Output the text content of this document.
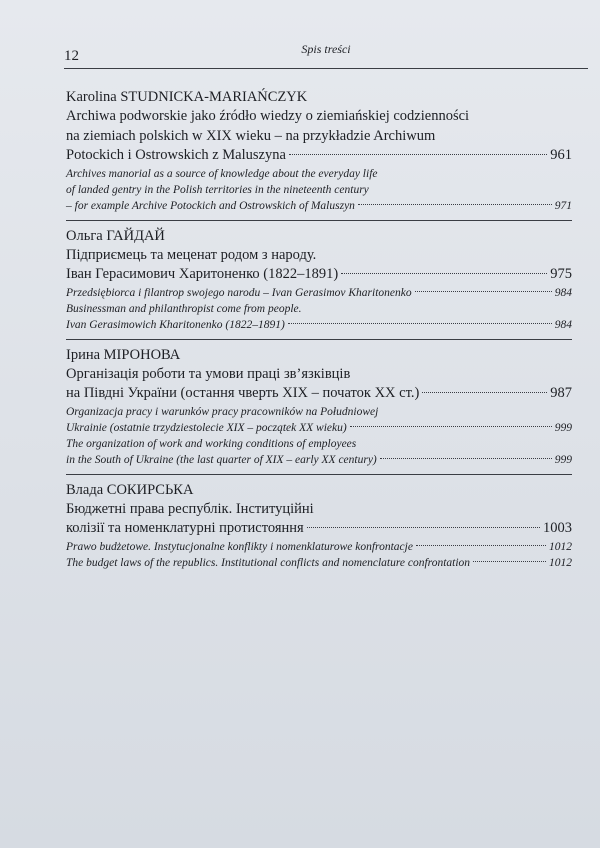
12	Spis treści
Karolina STUDNICKA-MARIAŃCZYK
Archiwa podworskie jako źródło wiedzy o ziemiańskiej codzienności
na ziemiach polskich w XIX wieku – na przykładzie Archiwum
Potockich i Ostrowskich z Maluszyna	961
Archives manorial as a source of knowledge about the everyday life
of landed gentry in the Polish territories in the nineteenth century
– for example Archive Potockich and Ostrowskich of Maluszyn	971
Ольга ГАЙДАЙ
Підприємець та меценат родом з народу.
Іван Герасимович Харитоненко (1822–1891)	975
Przedsiębiorca i filantrop swojego narodu – Ivan Gerasimov Kharitonenko	984
Businessman and philanthropist come from people.
Ivan Gerasimowich Kharitonenko (1822–1891)	984
Ірина МІРОНОВА
Організація роботи та умови праці зв’язківців
на Півдні України (остання чверть XIX – початок XX ст.)	987
Organizacja pracy i warunków pracy pracowników na Południowej
Ukrainie (ostatnie trzydziestolecie XIX – początek XX wieku)	999
The organization of work and working conditions of employees
in the South of Ukraine (the last quarter of XIX – early XX century)	999
Влада СОКИРСЬКА
Бюджетні права республік. Інституційні
колізії та номенклатурні протистояння	1003
Prawo budżetowe. Instytucjonalne konflikty i nomenklaturowe konfrontacje	1012
The budget laws of the republics. Institutional conflicts and nomenclature confrontation	1012
